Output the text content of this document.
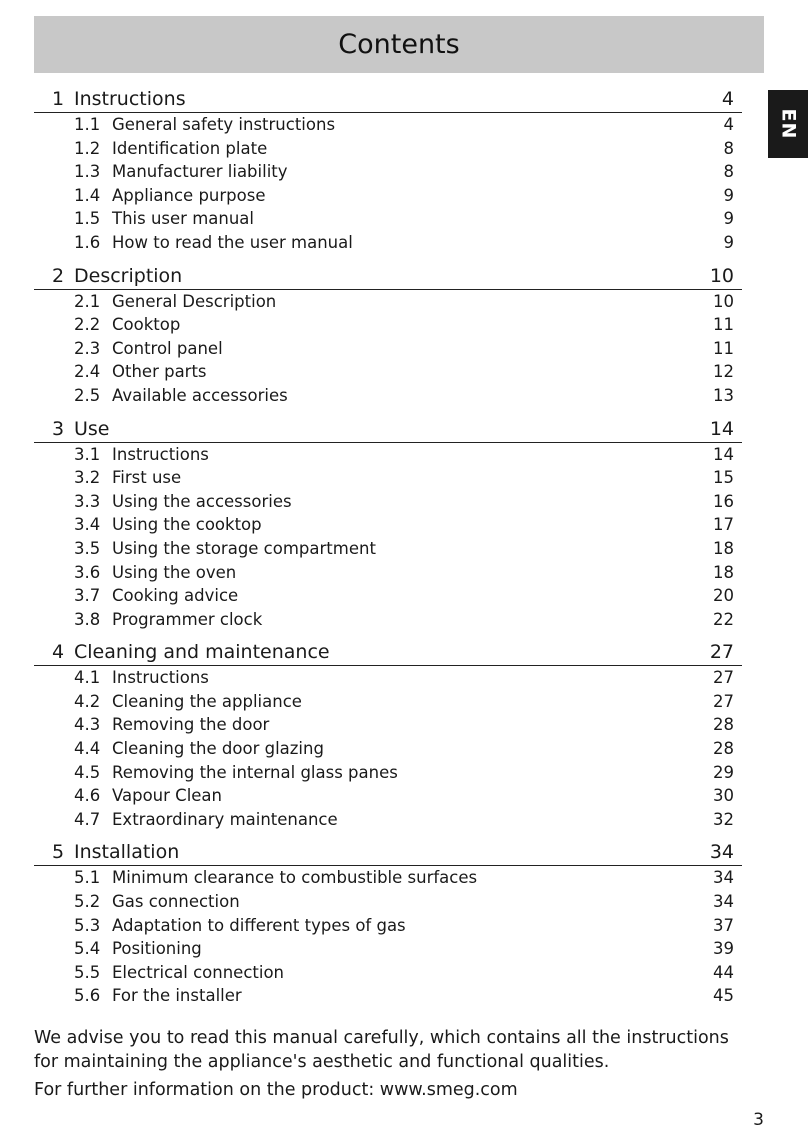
Contents
EN
1 Instructions	4
1.1 General safety instructions	4
1.2 Identification plate	8
1.3 Manufacturer liability	8
1.4 Appliance purpose	9
1.5 This user manual	9
1.6 How to read the user manual	9
2 Description	10
2.1 General Description	10
2.2 Cooktop	11
2.3 Control panel	11
2.4 Other parts	12
2.5 Available accessories	13
3 Use	14
3.1 Instructions	14
3.2 First use	15
3.3 Using the accessories	16
3.4 Using the cooktop	17
3.5 Using the storage compartment	18
3.6 Using the oven	18
3.7 Cooking advice	20
3.8 Programmer clock	22
4 Cleaning and maintenance	27
4.1 Instructions	27
4.2 Cleaning the appliance	27
4.3 Removing the door	28
4.4 Cleaning the door glazing	28
4.5 Removing the internal glass panes	29
4.6 Vapour Clean	30
4.7 Extraordinary maintenance	32
5 Installation	34
5.1 Minimum clearance to combustible surfaces	34
5.2 Gas connection	34
5.3 Adaptation to different types of gas	37
5.4 Positioning	39
5.5 Electrical connection	44
5.6 For the installer	45

We advise you to read this manual carefully, which contains all the instructions for maintaining the appliance's aesthetic and functional qualities.

For further information on the product: www.smeg.com

3
